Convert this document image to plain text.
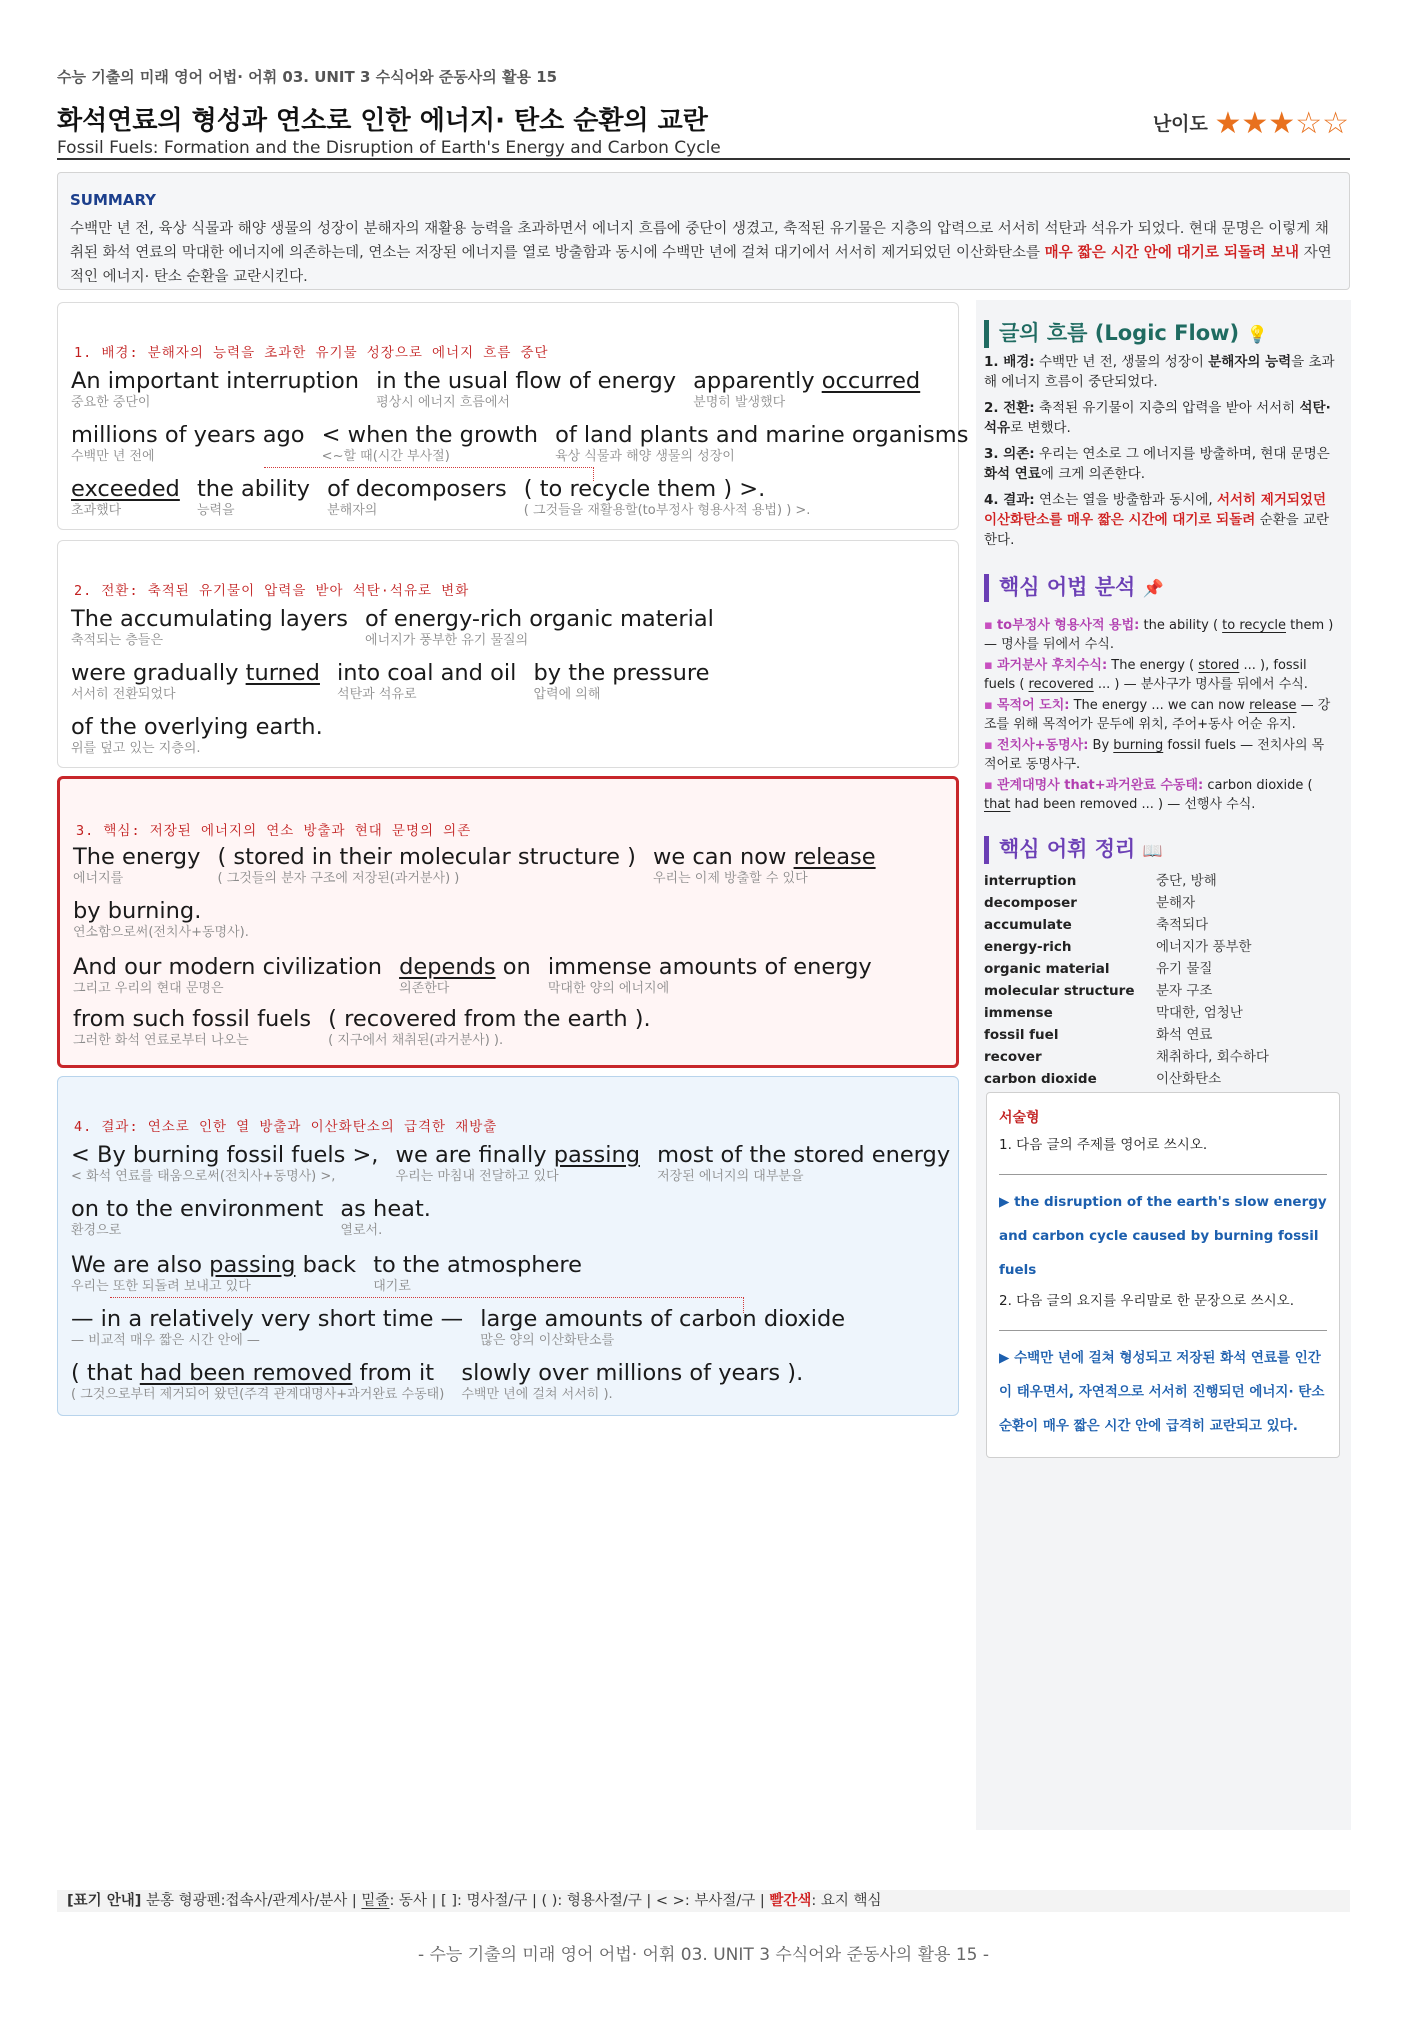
수능 기출의 미래 영어 어법· 어휘 03. UNIT 3 수식어와 준동사의 활용 15
화석연료의 형성과 연소로 인한 에너지· 탄소 순환의 교란
Fossil Fuels: Formation and the Disruption of Earth's Energy and Carbon Cycle
난이도 ★★★☆☆
SUMMARY
수백만 년 전, 육상 식물과 해양 생물의 성장이 분해자의 재활용 능력을 초과하면서 에너지 흐름에 중단이 생겼고, 축적된 유기물은 지층의 압력으로 서서히 석탄과 석유가 되었다. 현대 문명은 이렇게 채취된 화석 연료의 막대한 에너지에 의존하는데, 연소는 저장된 에너지를 열로 방출함과 동시에 수백만 년에 걸쳐 대기에서 서서히 제거되었던 이산화탄소를 매우 짧은 시간 안에 대기로 되돌려 보내 자연적인 에너지· 탄소 순환을 교란시킨다.
1. 배경: 분해자의 능력을 초과한 유기물 성장으로 에너지 흐름 중단
An important interruption
중요한 중단이

in the usual flow of energy
평상시 에너지 흐름에서

apparently occurred
분명히 발생했다
millions of years ago
수백만 년 전에

< when the growth
<~할 때(시간 부사절)

of land plants and marine organisms
육상 식물과 해양 생물의 성장이
exceeded
초과했다

the ability
능력을

of decomposers
분해자의

( to recycle them ) >.
( 그것들을 재활용할(to부정사 형용사적 용법) ) >.
2. 전환: 축적된 유기물이 압력을 받아 석탄·석유로 변화
The accumulating layers
축적되는 층들은

of energy-rich organic material
에너지가 풍부한 유기 물질의
were gradually turned
서서히 전환되었다

into coal and oil
석탄과 석유로

by the pressure
압력에 의해
of the overlying earth.
위를 덮고 있는 지층의.
3. 핵심: 저장된 에너지의 연소 방출과 현대 문명의 의존
The energy
에너지를

( stored in their molecular structure )
( 그것들의 분자 구조에 저장된(과거분사) )

we can now release
우리는 이제 방출할 수 있다
by burning.
연소함으로써(전치사+동명사).
And our modern civilization
그리고 우리의 현대 문명은

depends on
의존한다

immense amounts of energy
막대한 양의 에너지에
from such fossil fuels
그러한 화석 연료로부터 나오는

( recovered from the earth ).
( 지구에서 채취된(과거분사) ).
4. 결과: 연소로 인한 열 방출과 이산화탄소의 급격한 재방출
< By burning fossil fuels >,
< 화석 연료를 태움으로써(전치사+동명사) >,

we are finally passing
우리는 마침내 전달하고 있다

most of the stored energy
저장된 에너지의 대부분을
on to the environment
환경으로

as heat.
열로서.
We are also passing back
우리는 또한 되돌려 보내고 있다

to the atmosphere
대기로
— in a relatively very short time —
— 비교적 매우 짧은 시간 안에 —

large amounts of carbon dioxide
많은 양의 이산화탄소를
( that had been removed from it
( 그것으로부터 제거되어 왔던(주격 관계대명사+과거완료 수동태)

slowly over millions of years ).
수백만 년에 걸쳐 서서히 ).
글의 흐름 (Logic Flow) 💡

1. 배경: 수백만 년 전, 생물의 성장이 분해자의 능력을 초과해 에너지 흐름이 중단되었다.

2. 전환: 축적된 유기물이 지층의 압력을 받아 서서히 석탄· 석유로 변했다.

3. 의존: 우리는 연소로 그 에너지를 방출하며, 현대 문명은 화석 연료에 크게 의존한다.

4. 결과: 연소는 열을 방출함과 동시에, 서서히 제거되었던 이산화탄소를 매우 짧은 시간에 대기로 되돌려 순환을 교란한다.

핵심 어법 분석 📌

▪ to부정사 형용사적 용법: the ability ( to recycle them ) — 명사를 뒤에서 수식.

▪ 과거분사 후치수식: The energy ( stored ... ), fossil fuels ( recovered ... ) — 분사구가 명사를 뒤에서 수식.

▪ 목적어 도치: The energy ... we can now release — 강조를 위해 목적어가 문두에 위치, 주어+동사 어순 유지.

▪ 전치사+동명사: By burning fossil fuels — 전치사의 목적어로 동명사구.

▪ 관계대명사 that+과거완료 수동태: carbon dioxide ( that had been removed ... ) — 선행사 수식.

핵심 어휘 정리 📖
interruption	중단, 방해
decomposer	분해자
accumulate	축적되다
energy-rich	에너지가 풍부한
organic material	유기 물질
molecular structure	분자 구조
immense	막대한, 엄청난
fossil fuel	화석 연료
recover	채취하다, 회수하다
carbon dioxide	이산화탄소
서술형
1. 다음 글의 주제를 영어로 쓰시오.
▶ the disruption of the earth's slow energy and carbon cycle caused by burning fossil fuels
2. 다음 글의 요지를 우리말로 한 문장으로 쓰시오.
▶ 수백만 년에 걸쳐 형성되고 저장된 화석 연료를 인간이 태우면서, 자연적으로 서서히 진행되던 에너지· 탄소 순환이 매우 짧은 시간 안에 급격히 교란되고 있다.
[표기 안내] 분홍 형광펜:접속사/관계사/분사 | 밑줄: 동사 | [ ]: 명사절/구 | ( ): 형용사절/구 | < >: 부사절/구 | 빨간색: 요지 핵심
- 수능 기출의 미래 영어 어법· 어휘 03. UNIT 3 수식어와 준동사의 활용 15 -
